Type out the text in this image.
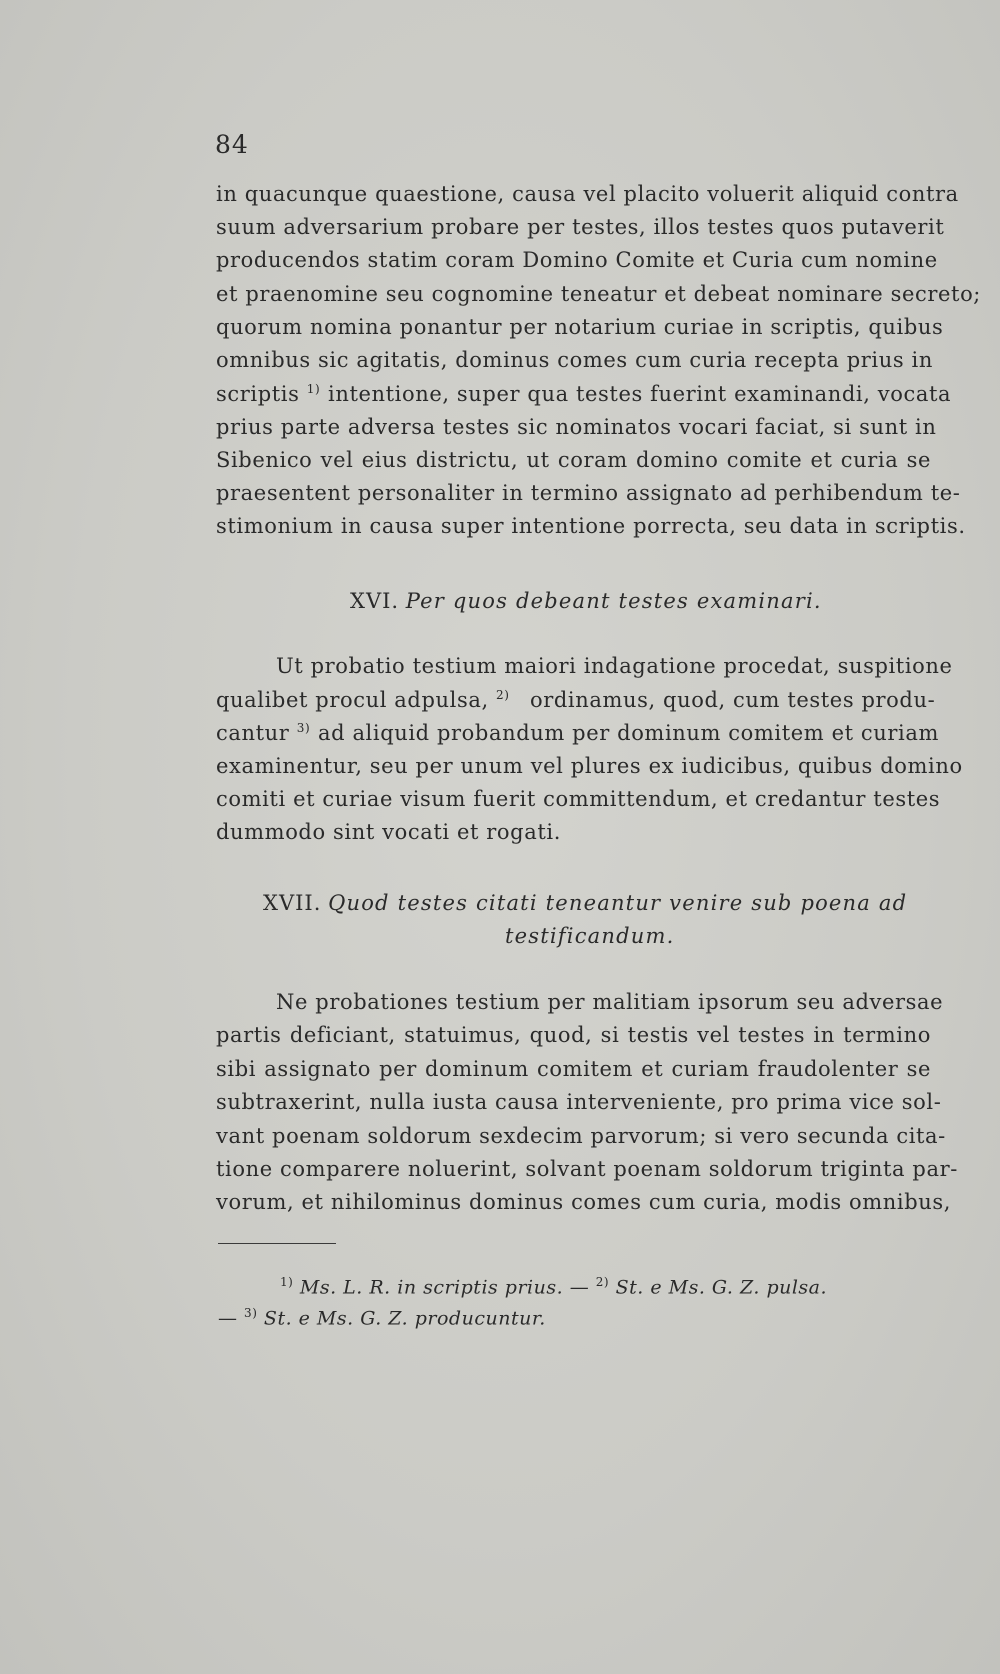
84
in quacunque quaestione, causa vel placito voluerit aliquid contra
suum adversarium probare per testes, illos testes quos putaverit
producendos statim coram Domino Comite et Curia cum nomine
et praenomine seu cognomine teneatur et debeat nominare secreto;
quorum nomina ponantur per notarium curiae in scriptis, quibus
omnibus sic agitatis, dominus comes cum curia recepta prius in
scriptis $^{1)}$ intentione, super qua testes fuerint examinandi, vocata
prius parte adversa testes sic nominatos vocari faciat, si sunt in
Sibenico vel eius districtu, ut coram domino comite et curia se
praesentent personaliter in termino assignato ad perhibendum te-
stimonium in causa super intentione porrecta, seu data in scriptis.
XVI. Per quos debeant testes examinari.
Ut probatio testium maiori indagatione procedat, suspitione
qualibet procul adpulsa, $^{2)}$ ordinamus, quod, cum testes produ-
cantur $^{3)}$ ad aliquid probandum per dominum comitem et curiam
examinentur, seu per unum vel plures ex iudicibus, quibus domino
comiti et curiae visum fuerit committendum, et credantur testes
dummodo sint vocati et rogati.
XVII. Quod testes citati teneantur venire sub poena ad
testificandum.
Ne probationes testium per malitiam ipsorum seu adversae
partis deficiant, statuimus, quod, si testis vel testes in termino
sibi assignato per dominum comitem et curiam fraudolenter se
subtraxerint, nulla iusta causa interveniente, pro prima vice sol-
vant poenam soldorum sexdecim parvorum; si vero secunda cita-
tione comparere noluerint, solvant poenam soldorum triginta par-
vorum, et nihilominus dominus comes cum curia, modis omnibus,
$^{1)}$ Ms. L. R. in scriptis prius. — $^{2)}$ St. e Ms. G. Z. pulsa.
— $^{3)}$ St. e Ms. G. Z. producuntur.
